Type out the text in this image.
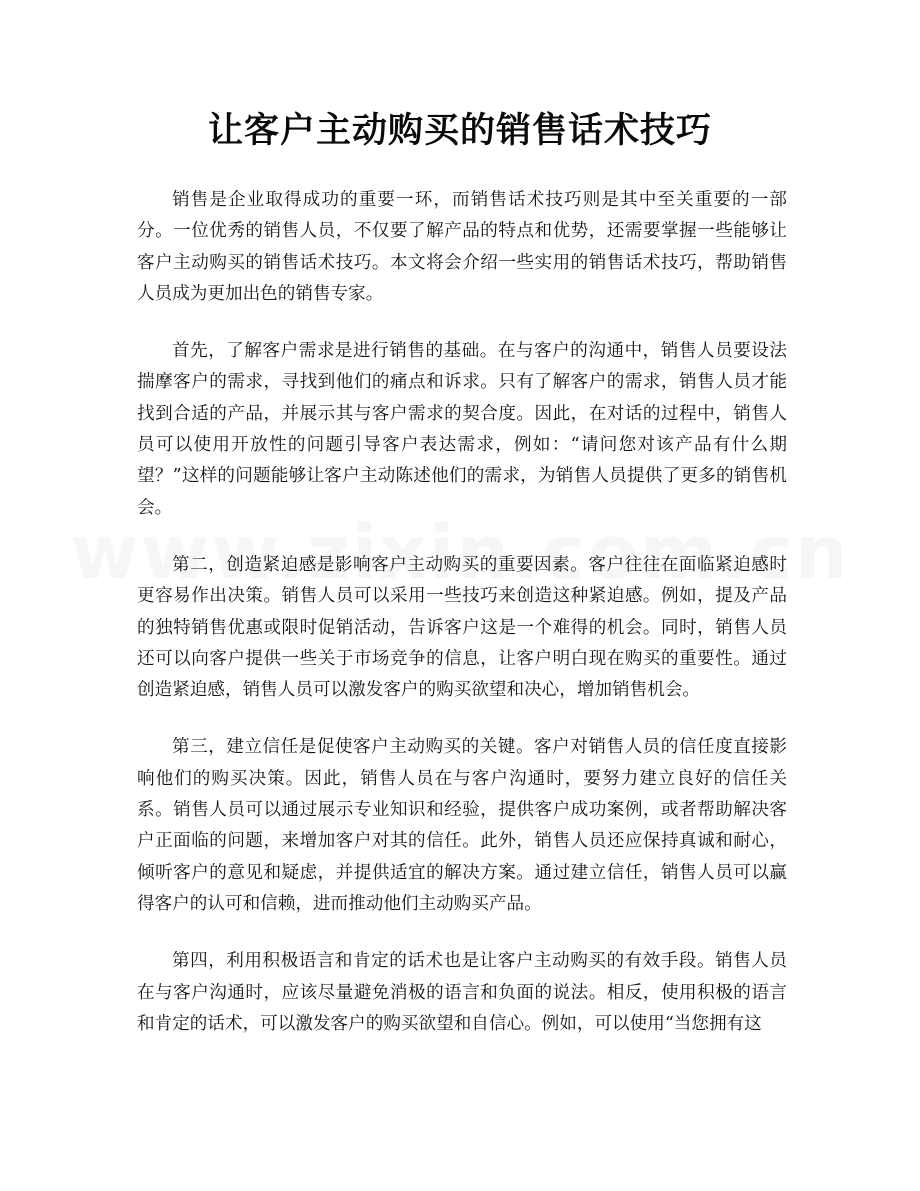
让客户主动购买的销售话术技巧

销售是企业取得成功的重要一环，而销售话术技巧则是其中至关重要的一部分。一位优秀的销售人员，不仅要了解产品的特点和优势，还需要掌握一些能够让客户主动购买的销售话术技巧。本文将会介绍一些实用的销售话术技巧，帮助销售人员成为更加出色的销售专家。

首先，了解客户需求是进行销售的基础。在与客户的沟通中，销售人员要设法揣摩客户的需求，寻找到他们的痛点和诉求。只有了解客户的需求，销售人员才能找到合适的产品，并展示其与客户需求的契合度。因此，在对话的过程中，销售人员可以使用开放性的问题引导客户表达需求，例如：“请问您对该产品有什么期望？”这样的问题能够让客户主动陈述他们的需求，为销售人员提供了更多的销售机会。

第二，创造紧迫感是影响客户主动购买的重要因素。客户往往在面临紧迫感时更容易作出决策。销售人员可以采用一些技巧来创造这种紧迫感。例如，提及产品的独特销售优惠或限时促销活动，告诉客户这是一个难得的机会。同时，销售人员还可以向客户提供一些关于市场竞争的信息，让客户明白现在购买的重要性。通过创造紧迫感，销售人员可以激发客户的购买欲望和决心，增加销售机会。

第三，建立信任是促使客户主动购买的关键。客户对销售人员的信任度直接影响他们的购买决策。因此，销售人员在与客户沟通时，要努力建立良好的信任关系。销售人员可以通过展示专业知识和经验，提供客户成功案例，或者帮助解决客户正面临的问题，来增加客户对其的信任。此外，销售人员还应保持真诚和耐心，倾听客户的意见和疑虑，并提供适宜的解决方案。通过建立信任，销售人员可以赢得客户的认可和信赖，进而推动他们主动购买产品。

第四，利用积极语言和肯定的话术也是让客户主动购买的有效手段。销售人员在与客户沟通时，应该尽量避免消极的语言和负面的说法。相反，使用积极的语言和肯定的话术，可以激发客户的购买欲望和自信心。例如，可以使用“当您拥有这
